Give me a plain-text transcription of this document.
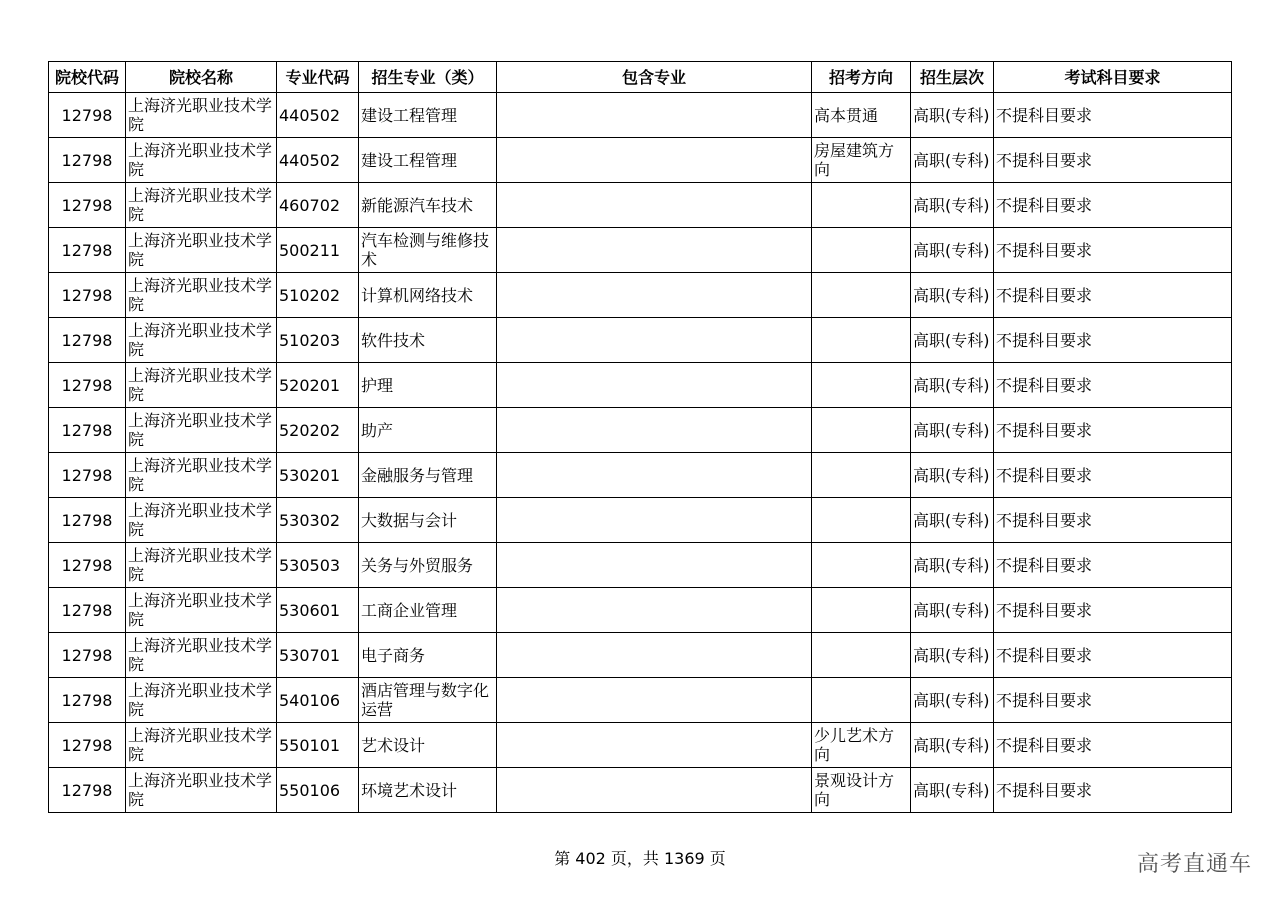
院校代码	院校名称	专业代码	招生专业（类）	包含专业	招考方向	招生层次	考试科目要求
12798	上海济光职业技术学院	440502	建设工程管理		高本贯通	高职(专科)	不提科目要求
12798	上海济光职业技术学院	440502	建设工程管理		房屋建筑方向	高职(专科)	不提科目要求
12798	上海济光职业技术学院	460702	新能源汽车技术			高职(专科)	不提科目要求
12798	上海济光职业技术学院	500211	汽车检测与维修技术			高职(专科)	不提科目要求
12798	上海济光职业技术学院	510202	计算机网络技术			高职(专科)	不提科目要求
12798	上海济光职业技术学院	510203	软件技术			高职(专科)	不提科目要求
12798	上海济光职业技术学院	520201	护理			高职(专科)	不提科目要求
12798	上海济光职业技术学院	520202	助产			高职(专科)	不提科目要求
12798	上海济光职业技术学院	530201	金融服务与管理			高职(专科)	不提科目要求
12798	上海济光职业技术学院	530302	大数据与会计			高职(专科)	不提科目要求
12798	上海济光职业技术学院	530503	关务与外贸服务			高职(专科)	不提科目要求
12798	上海济光职业技术学院	530601	工商企业管理			高职(专科)	不提科目要求
12798	上海济光职业技术学院	530701	电子商务			高职(专科)	不提科目要求
12798	上海济光职业技术学院	540106	酒店管理与数字化运营			高职(专科)	不提科目要求
12798	上海济光职业技术学院	550101	艺术设计		少儿艺术方向	高职(专科)	不提科目要求
12798	上海济光职业技术学院	550106	环境艺术设计		景观设计方向	高职(专科)	不提科目要求
第 402 页，共 1369 页	高考直通车
